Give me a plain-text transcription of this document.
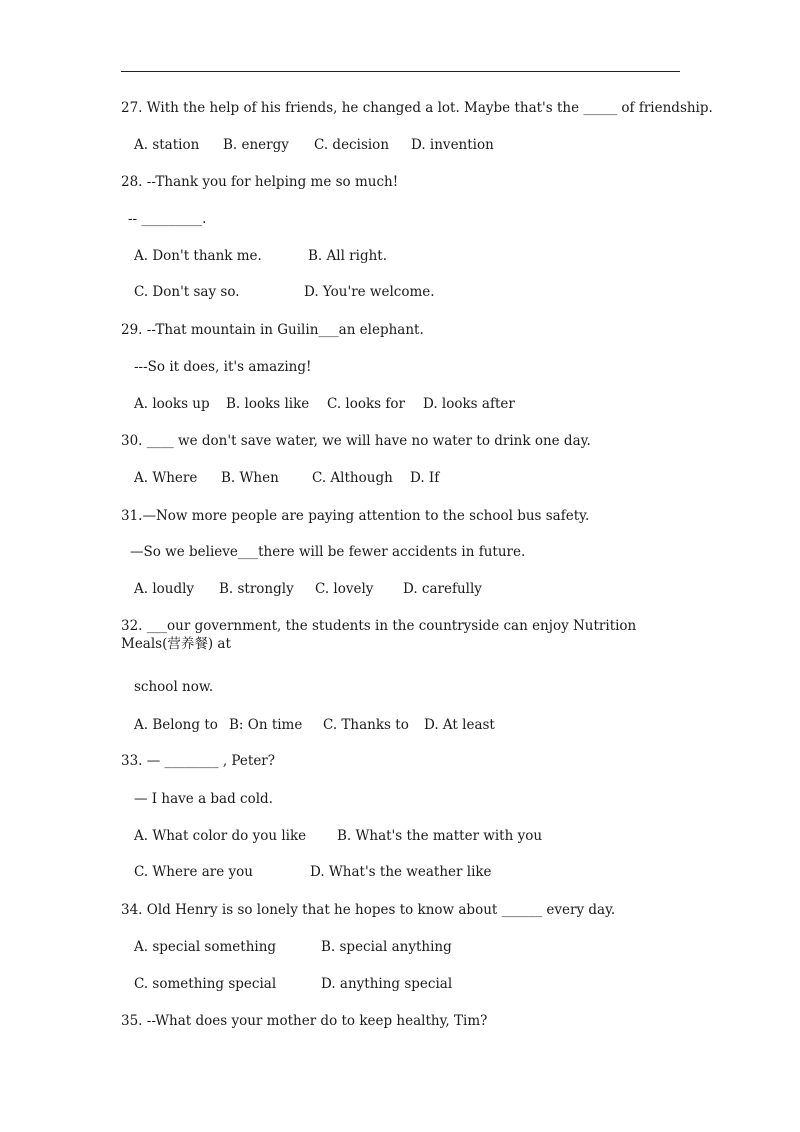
27. With the help of his friends, he changed a lot. Maybe that's the _____ of friendship.
A. station B. energy C. decision D. invention
28. --Thank you for helping me so much!
-- _________.
A. Don't thank me.	B. All right.
C. Don't say so.	D. You're welcome.
29. --That mountain in Guilin___an elephant.
---So it does, it's amazing!
A. looks up B. looks like C. looks for D. looks after
30. ____ we don't save water, we will have no water to drink one day.
A. Where B. When C. Although D. If
31.—Now more people are paying attention to the school bus safety.
—So we believe___there will be fewer accidents in future.
A. loudly B. strongly C. lovely D. carefully
32. ___our government, the students in the countryside can enjoy Nutrition Meals(营养餐) at
school now.
A. Belong to B: On time C. Thanks to D. At least
33. — ________ , Peter?
— I have a bad cold.
A. What color do you like B. What's the matter with you
C. Where are you	D. What's the weather like
34. Old Henry is so lonely that he hopes to know about ______ every day.
A. special something	B. special anything
C. something special	D. anything special
35. --What does your mother do to keep healthy, Tim?
